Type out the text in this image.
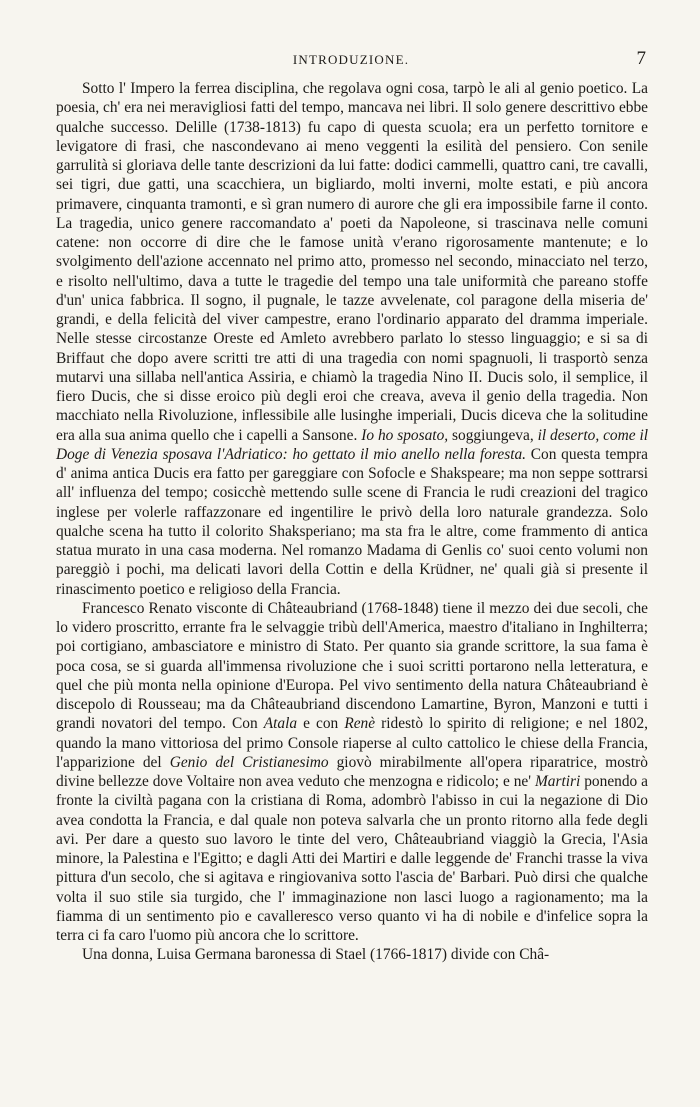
INTRODUZIONE.	7

Sotto l' Impero la ferrea disciplina, che regolava ogni cosa, tarpò le ali al genio poetico. La poesia, ch' era nei meravigliosi fatti del tempo, mancava nei libri. Il solo genere descrittivo ebbe qualche successo. Delille (1738-1813) fu capo di questa scuola; era un perfetto tornitore e levigatore di frasi, che nascondevano ai meno veggenti la esilità del pensiero. Con senile garrulità si gloriava delle tante descrizioni da lui fatte: dodici cammelli, quattro cani, tre cavalli, sei tigri, due gatti, una scacchiera, un bigliardo, molti inverni, molte estati, e più ancora primavere, cinquanta tramonti, e sì gran numero di aurore che gli era impossibile farne il conto. La tragedia, unico genere raccomandato a' poeti da Napoleone, si trascinava nelle comuni catene: non occorre di dire che le famose unità v'erano rigorosamente mantenute; e lo svolgimento dell'azione accennato nel primo atto, promesso nel secondo, minacciato nel terzo, e risolto nell'ultimo, dava a tutte le tragedie del tempo una tale uniformità che pareano stoffe d'un' unica fabbrica. Il sogno, il pugnale, le tazze avvelenate, col paragone della miseria de' grandi, e della felicità del viver campestre, erano l'ordinario apparato del dramma imperiale. Nelle stesse circostanze Oreste ed Amleto avrebbero parlato lo stesso linguaggio; e si sa di Briffaut che dopo avere scritti tre atti di una tragedia con nomi spagnuoli, li trasportò senza mutarvi una sillaba nell'antica Assiria, e chiamò la tragedia Nino II. Ducis solo, il semplice, il fiero Ducis, che si disse eroico più degli eroi che creava, aveva il genio della tragedia. Non macchiato nella Rivoluzione, inflessibile alle lusinghe imperiali, Ducis diceva che la solitudine era alla sua anima quello che i capelli a Sansone. Io ho sposato, soggiungeva, il deserto, come il Doge di Venezia sposava l'Adriatico: ho gettato il mio anello nella foresta. Con questa tempra d' anima antica Ducis era fatto per gareggiare con Sofocle e Shakspeare; ma non seppe sottrarsi all' influenza del tempo; cosicchè mettendo sulle scene di Francia le rudi creazioni del tragico inglese per volerle raffazzonare ed ingentilire le privò della loro naturale grandezza. Solo qualche scena ha tutto il colorito Shaksperiano; ma sta fra le altre, come frammento di antica statua murato in una casa moderna. Nel romanzo Madama di Genlis co' suoi cento volumi non pareggiò i pochi, ma delicati lavori della Cottin e della Krüdner, ne' quali già si presente il rinascimento poetico e religioso della Francia.

Francesco Renato visconte di Châteaubriand (1768-1848) tiene il mezzo dei due secoli, che lo videro proscritto, errante fra le selvaggie tribù dell'America, maestro d'italiano in Inghilterra; poi cortigiano, ambasciatore e ministro di Stato. Per quanto sia grande scrittore, la sua fama è poca cosa, se si guarda all'immensa rivoluzione che i suoi scritti portarono nella letteratura, e quel che più monta nella opinione d'Europa. Pel vivo sentimento della natura Châteaubriand è discepolo di Rousseau; ma da Châteaubriand discendono Lamartine, Byron, Manzoni e tutti i grandi novatori del tempo. Con Atala e con Renè ridestò lo spirito di religione; e nel 1802, quando la mano vittoriosa del primo Console riaperse al culto cattolico le chiese della Francia, l'apparizione del Genio del Cristianesimo giovò mirabilmente all'opera riparatrice, mostrò divine bellezze dove Voltaire non avea veduto che menzogna e ridicolo; e ne' Martiri ponendo a fronte la civiltà pagana con la cristiana di Roma, adombrò l'abisso in cui la negazione di Dio avea condotta la Francia, e dal quale non poteva salvarla che un pronto ritorno alla fede degli avi. Per dare a questo suo lavoro le tinte del vero, Châteaubriand viaggiò la Grecia, l'Asia minore, la Palestina e l'Egitto; e dagli Atti dei Martiri e dalle leggende de' Franchi trasse la viva pittura d'un secolo, che si agitava e ringiovaniva sotto l'ascia de' Barbari. Può dirsi che qualche volta il suo stile sia turgido, che l' immaginazione non lasci luogo a ragionamento; ma la fiamma di un sentimento pio e cavalleresco verso quanto vi ha di nobile e d'infelice sopra la terra ci fa caro l'uomo più ancora che lo scrittore.

Una donna, Luisa Germana baronessa di Stael (1766-1817) divide con Châ-
